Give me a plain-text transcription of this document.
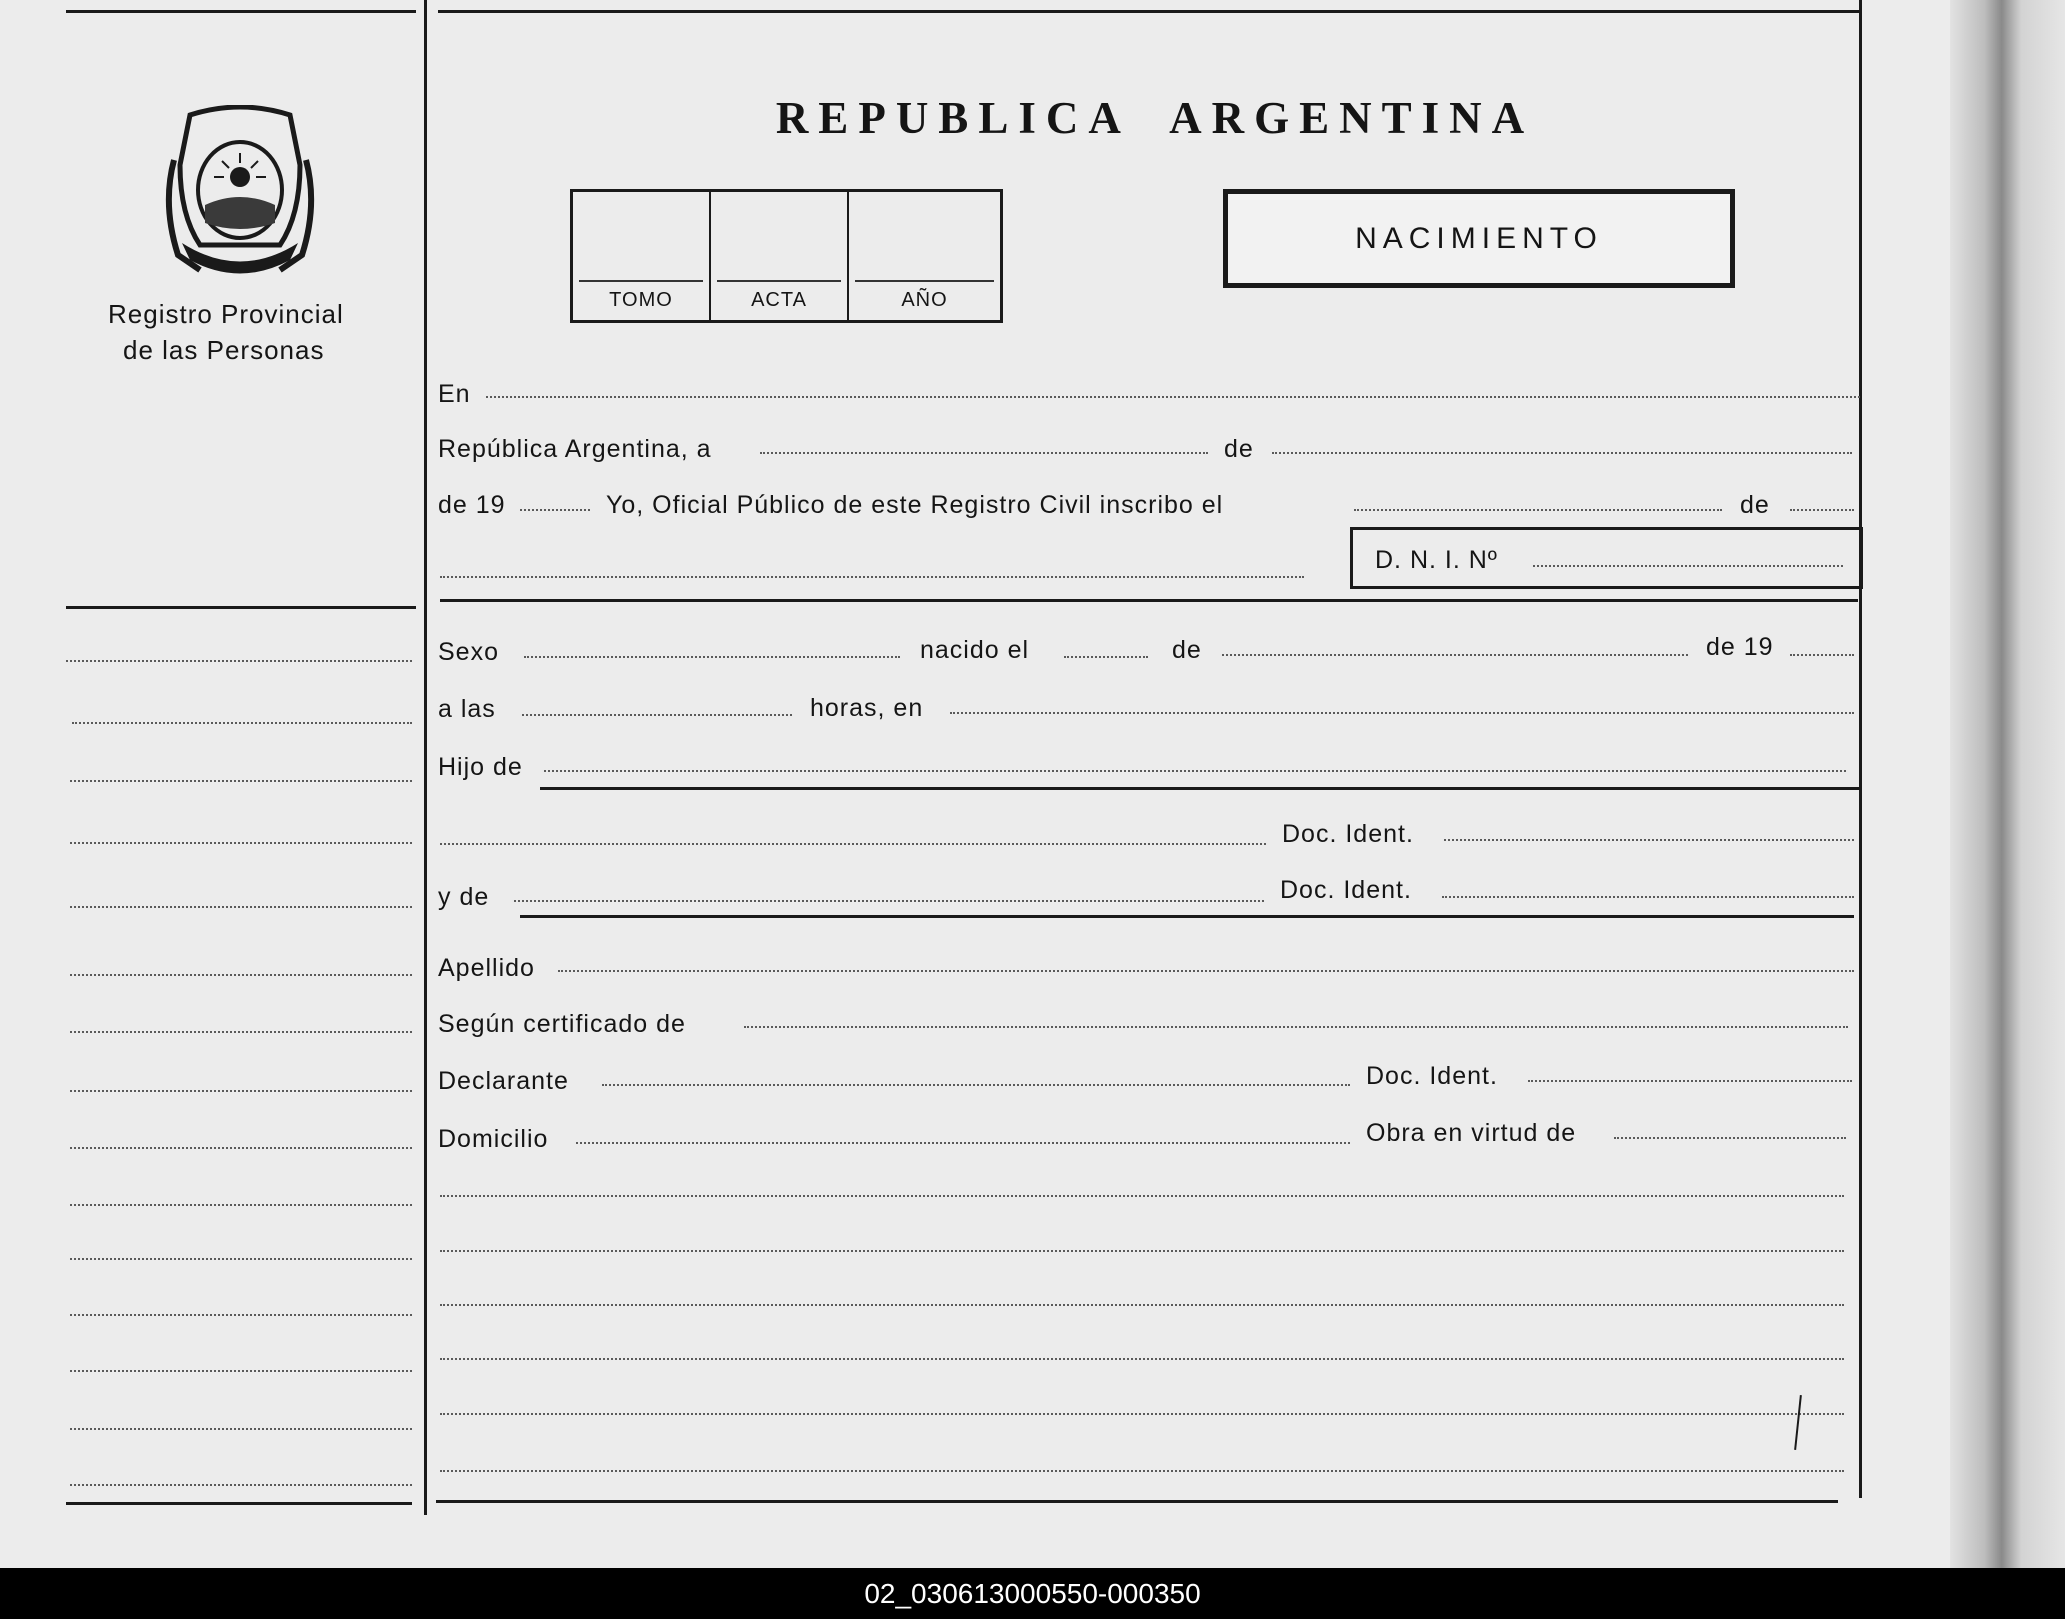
Registro Provincial
de las Personas
REPUBLICA ARGENTINA
TOMO	ACTA	AÑO
NACIMIENTO
En
República Argentina, a	de
de 19	Yo, Oficial Público de este Registro Civil inscribo el	de
D. N. I. Nº
Sexo	nacido el	de	de 19
a las	horas, en
Hijo de
Doc. Ident.
y de	Doc. Ident.
Apellido
Según certificado de
Declarante	Doc. Ident.
Domicilio	Obra en virtud de
02_030613000550-000350
